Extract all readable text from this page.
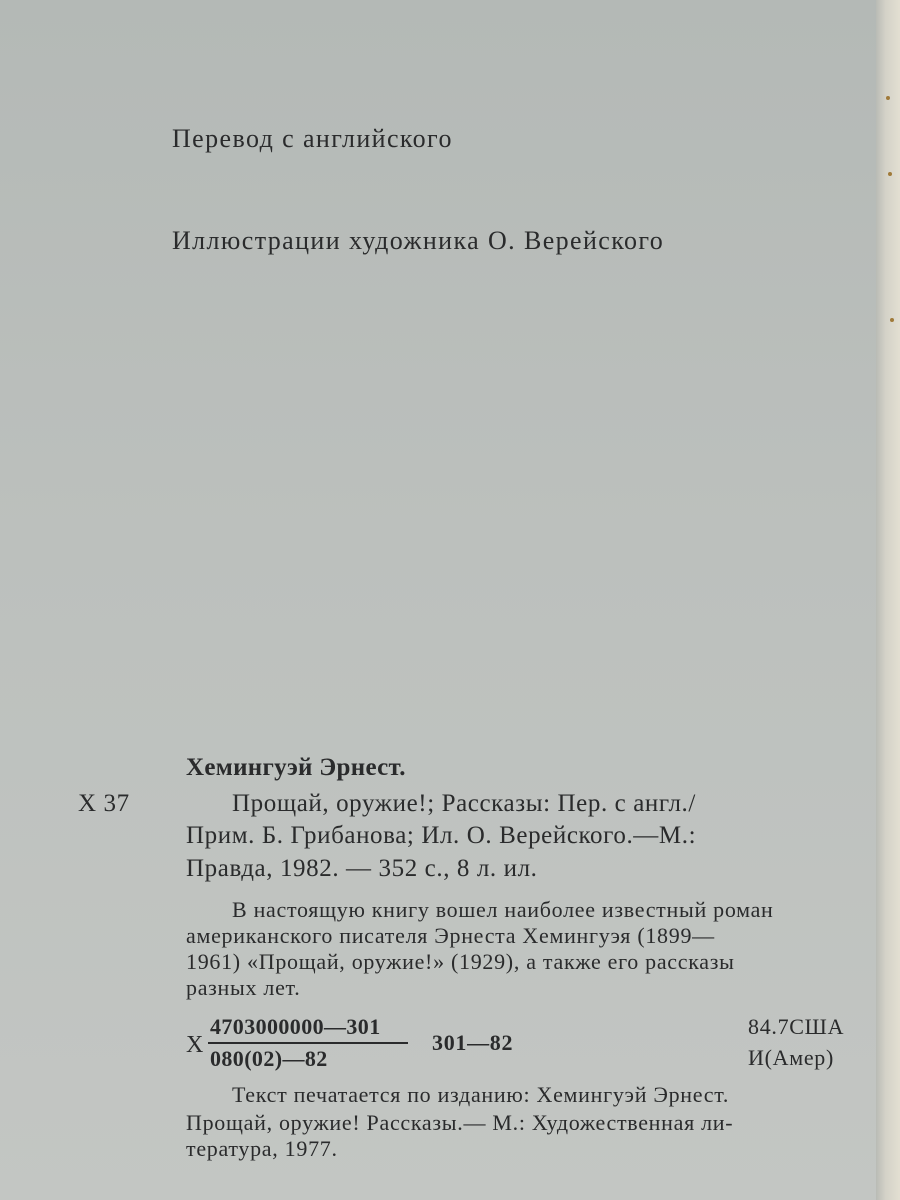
Перевод с английского
Иллюстрации художника О. Верейского
Хемингуэй Эрнест.
Х 37	Прощай, оружие!; Рассказы: Пер. с англ./
Прим. Б. Грибанова; Ил. О. Верейского.—М.:
Правда, 1982. — 352 с., 8 л. ил.
В настоящую книгу вошел наиболее известный роман
американского писателя Эрнеста Хемингуэя (1899—
1961) «Прощай, оружие!» (1929), а также его рассказы
разных лет.
Х
4703000000—301
080(02)—82
301—82
84.7США
И(Амер)
Текст печатается по изданию: Хемингуэй Эрнест.
Прощай, оружие! Рассказы.— М.: Художественная ли-
тература, 1977.
